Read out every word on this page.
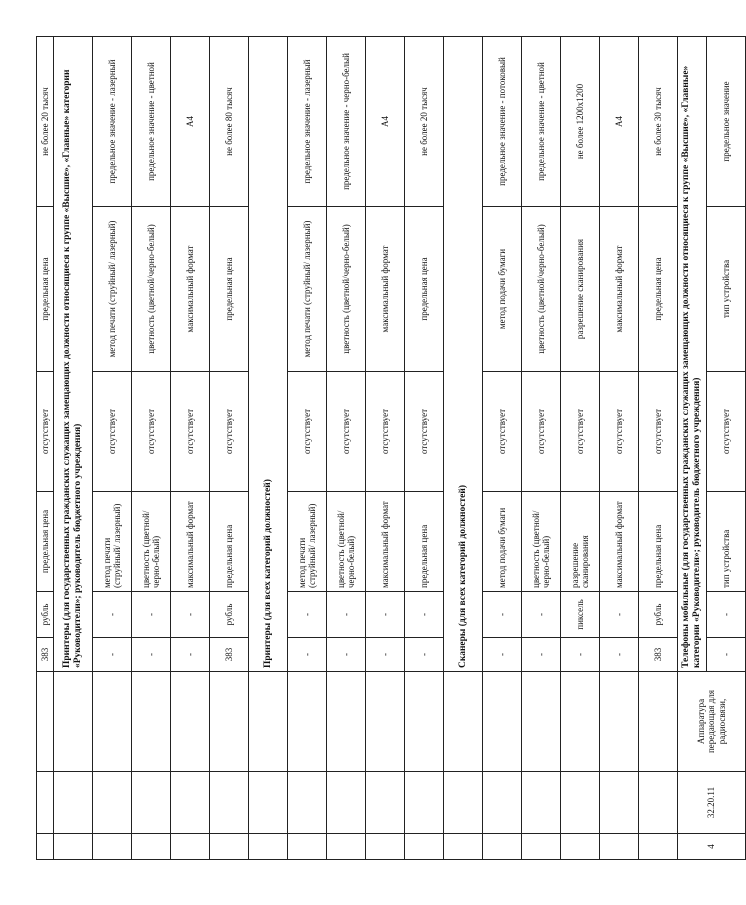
			383	рубль	предельная цена	отсутствует	предельная цена	не более 20 тысяч
			Принтеры (для государственных гражданских служащих замещающих должности относящиеся к группе «Высшие», «Главные» категории «Руководители»; руководитель бюджетного учреждения)					
			-	-	метод печати (струйный/ лазерный)	отсутствует	метод печати (струйный/ лазерный)	предельное значение - лазерный
			-	-	цветность (цветной/черно-белый)	отсутствует	цветность (цветной/черно-белый)	предельное значение - цветной
			-	-	максимальный формат	отсутствует	максимальный формат	А4
			383	рубль	предельная цена	отсутствует	предельная цена	не более 80 тысяч
			Принтеры (для всех категорий должностей)					
			-	-	метод печати (струйный/ лазерный)	отсутствует	метод печати (струйный/ лазерный)	предельное значение - лазерный
			-	-	цветность (цветной/черно-белый)	отсутствует	цветность (цветной/черно-белый)	предельное значение - черно-белый
			-	-	максимальный формат	отсутствует	максимальный формат	А4
			-	-	предельная цена	отсутствует	предельная цена	не более 20 тысяч
			Сканеры (для всех категорий должностей)					
			-	-	метод подачи бумаги	отсутствует	метод подачи бумаги	предельное значение - потоковый
			-	-	цветность (цветной/черно-белый)	отсутствует	цветность (цветной/черно-белый)	предельное значение - цветной
			-	пиксель	разрешение сканирования	отсутствует	разрешение сканирования	не более 1200х1200
			-	-	максимальный формат	отсутствует	максимальный формат	А4
			383	рубль	предельная цена	отсутствует	предельная цена	не более 30 тысяч
4	32.20.11	Аппаратура передающая для радиосвязи,	Телефоны мобильные (для государственных гражданских служащих замещающих должности относящиеся к группе «Высшие», «Главные» категории «Руководители»; руководитель бюджетного учреждения)					
			-	-	тип устройства	отсутствует	тип устройства	предельное значение
